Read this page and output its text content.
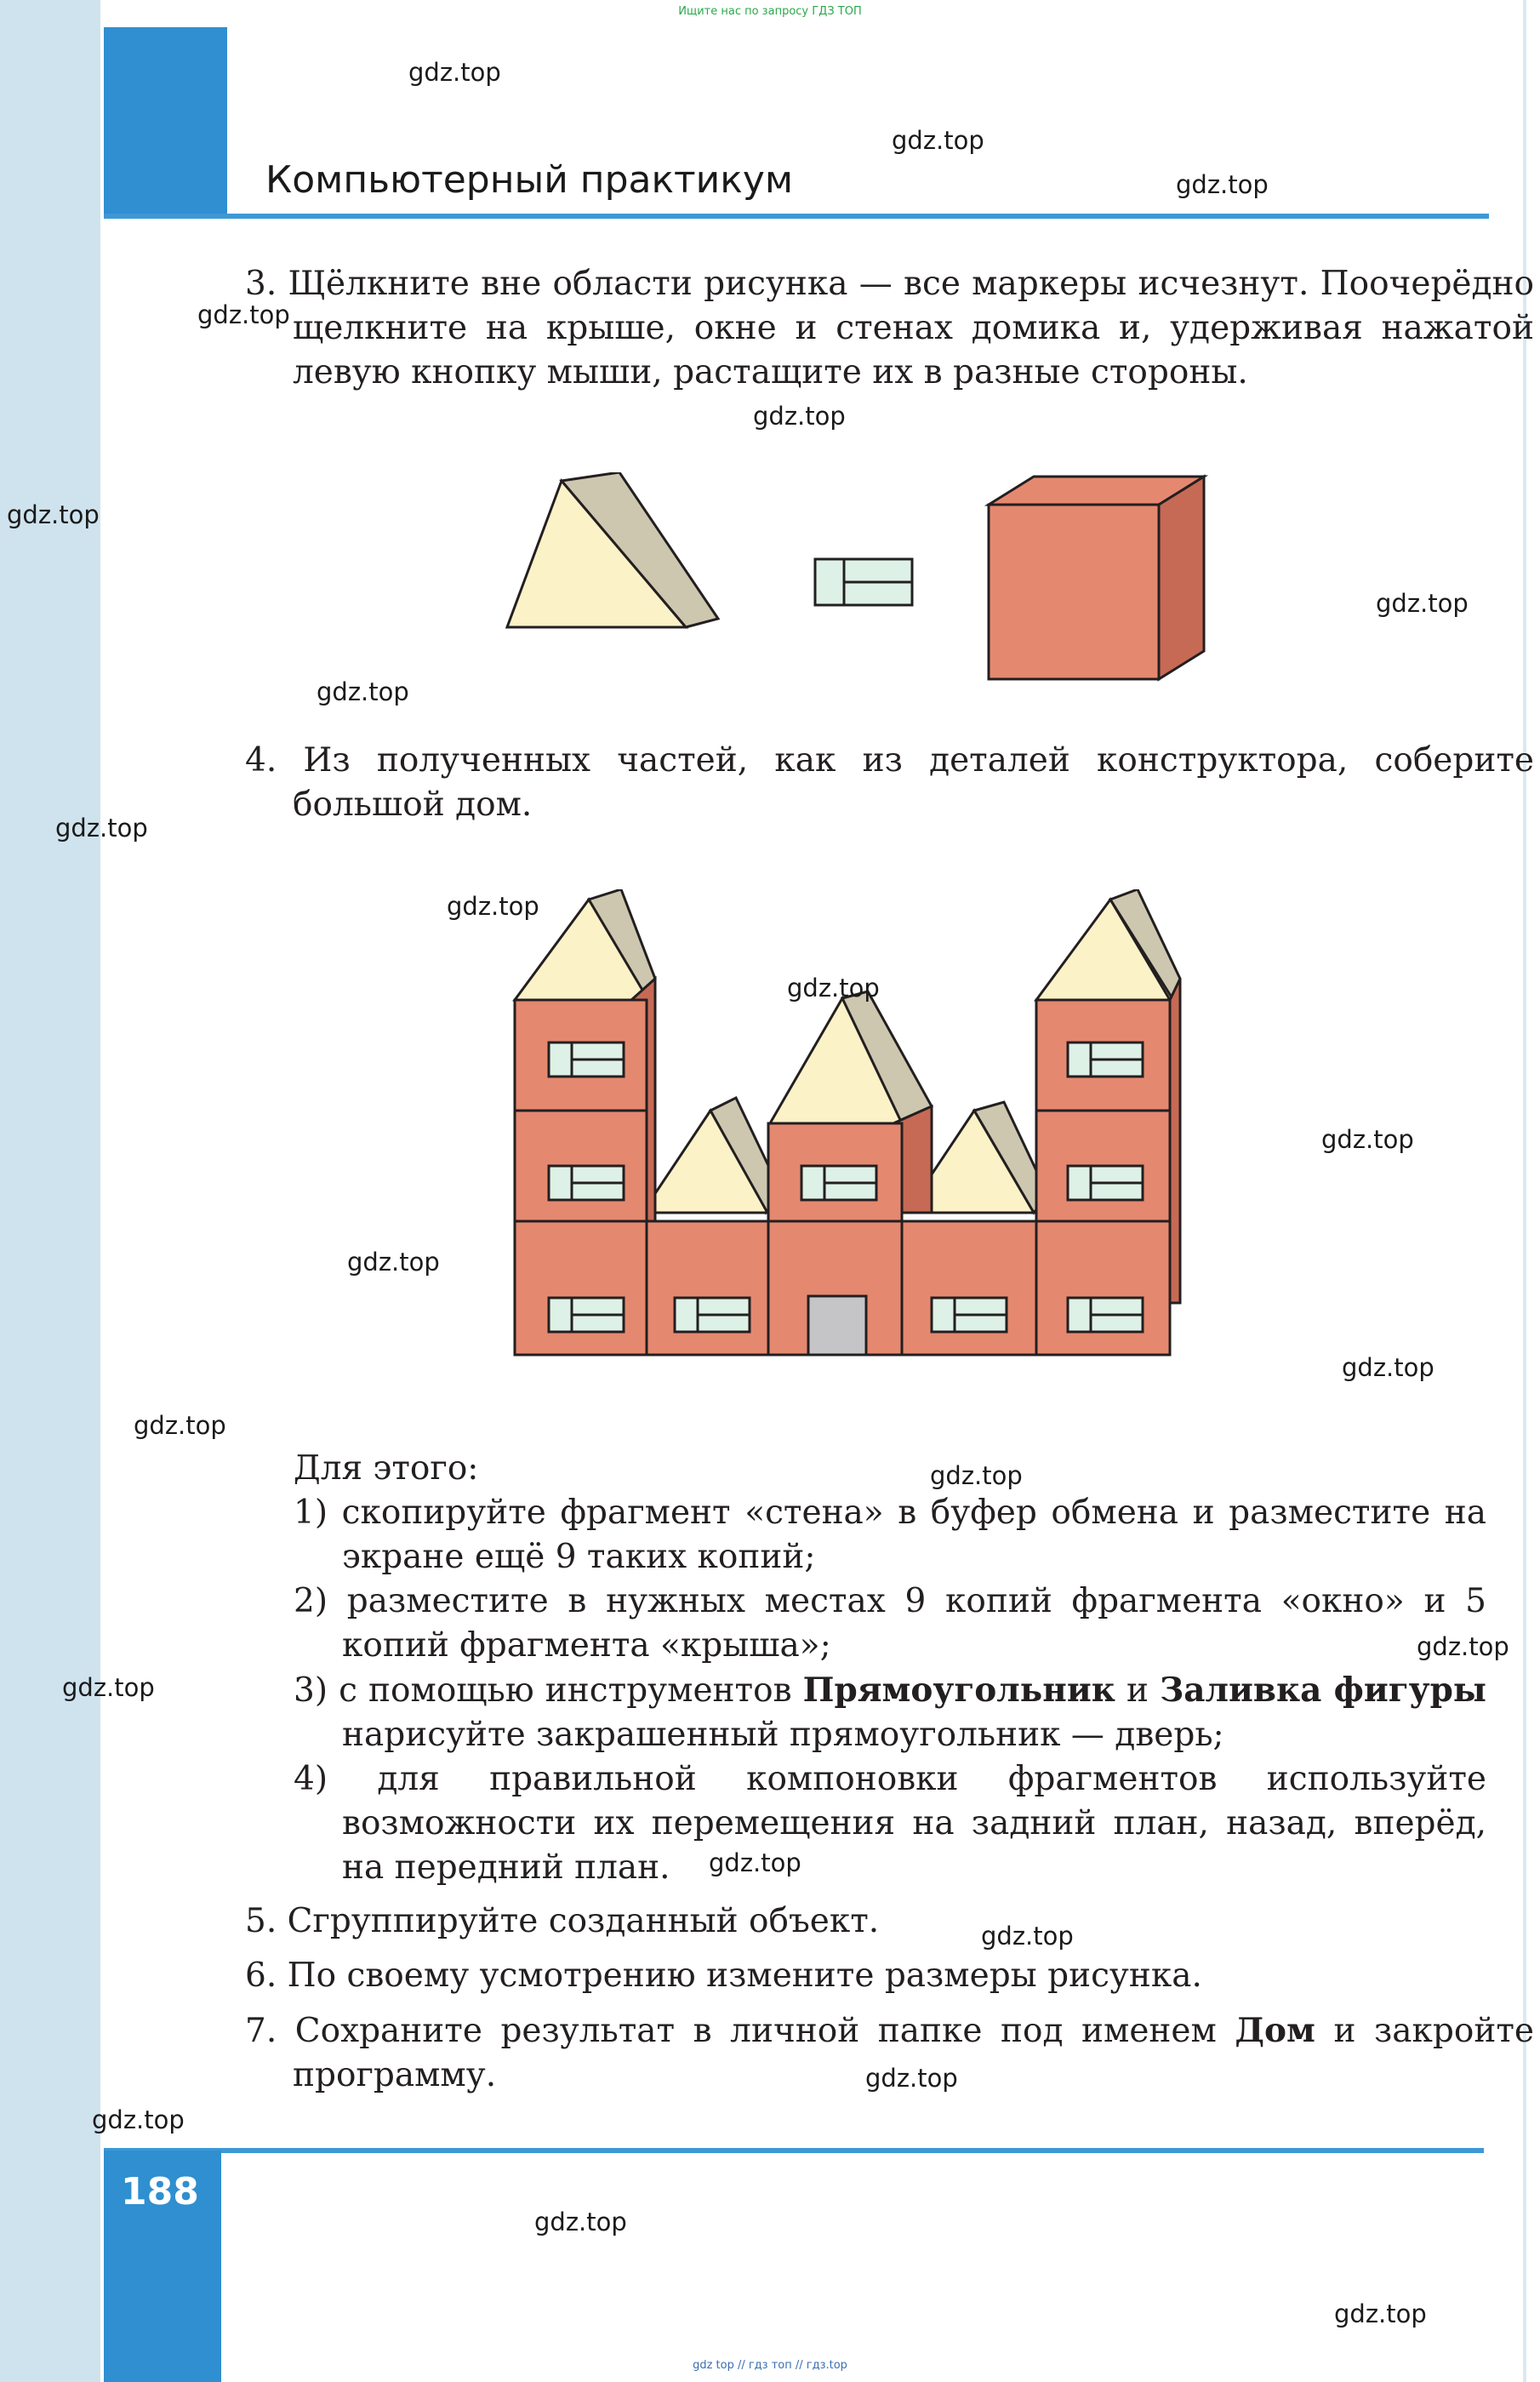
Ищите нас по запросу ГДЗ ТОП
Компьютерный практикум
3. Щёлкните вне области рисунка — все маркеры исчезнут. Поочерёдно щелкните на крыше, окне и стенах домика и, удерживая нажатой левую кнопку мыши, растащите их в разные стороны.
4. Из полученных частей, как из деталей конструктора, соберите большой дом.
Для этого:
1) скопируйте фрагмент «стена» в буфер обмена и разместите на экране ещё 9 таких копий;
2) разместите в нужных местах 9 копий фрагмента «окно» и 5 копий фрагмента «крыша»;
3) с помощью инструментов Прямоугольник и Заливка фигуры нарисуйте закрашенный прямоугольник — дверь;
4) для правильной компоновки фрагментов используйте возможности их перемещения на задний план, назад, вперёд, на передний план.
5. Сгруппируйте созданный объект.
6. По своему усмотрению измените размеры рисунка.
7. Сохраните результат в личной папке под именем Дом и закройте программу.
188
gdz top // гдз топ // гдз.top
gdz.top
gdz.top
gdz.top
gdz.top
gdz.top
gdz.top
gdz.top
gdz.top
gdz.top
gdz.top
gdz.top
gdz.top
gdz.top
gdz.top
gdz.top
gdz.top
gdz.top
gdz.top
gdz.top
gdz.top
gdz.top
gdz.top
gdz.top
gdz.top
